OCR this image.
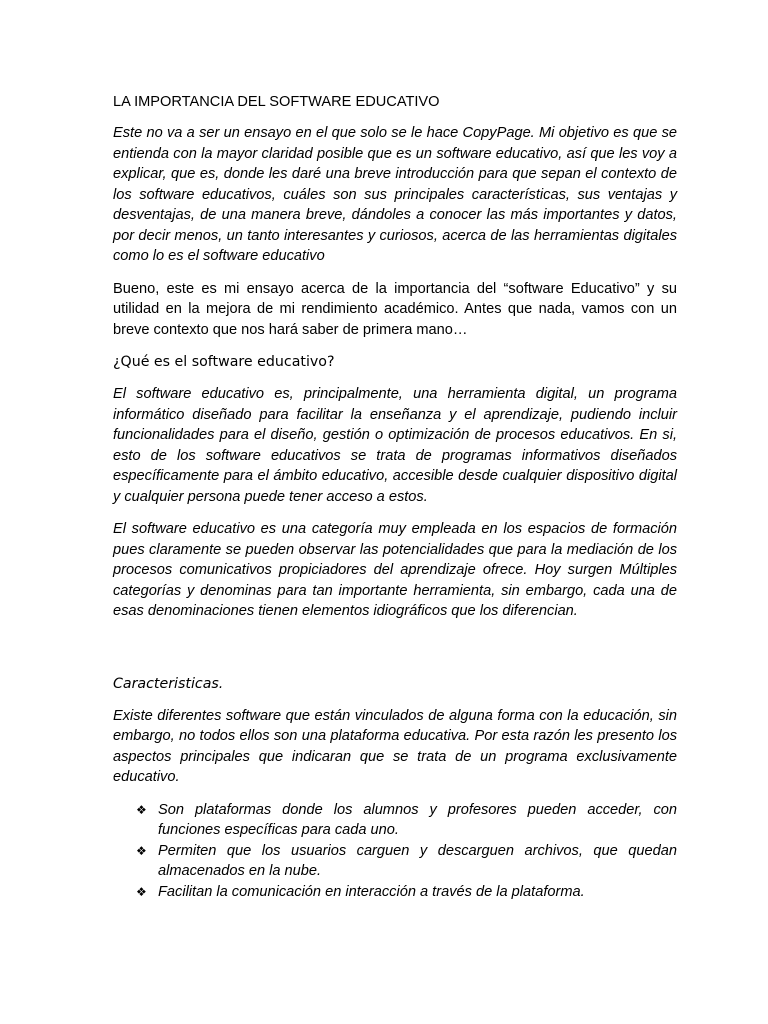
LA IMPORTANCIA DEL SOFTWARE EDUCATIVO

Este no va a ser un ensayo en el que solo se le hace CopyPage. Mi objetivo es que se entienda con la mayor claridad posible que es un software educativo, así que les voy a explicar, que es, donde les daré una breve introducción para que sepan el contexto de los software educativos, cuáles son sus principales características, sus ventajas y desventajas, de una manera breve, dándoles a conocer las más importantes y datos, por decir menos, un tanto interesantes y curiosos, acerca de las herramientas digitales como lo es el software educativo

Bueno, este es mi ensayo acerca de la importancia del “software Educativo” y su utilidad en la mejora de mi rendimiento académico. Antes que nada, vamos con un breve contexto que nos hará saber de primera mano…

¿Qué es el software educativo?

El software educativo es, principalmente, una herramienta digital, un programa informático diseñado para facilitar la enseñanza y el aprendizaje, pudiendo incluir funcionalidades para el diseño, gestión o optimización de procesos educativos. En si, esto de los software educativos se trata de programas informativos diseñados específicamente para el ámbito educativo, accesible desde cualquier dispositivo digital y cualquier persona puede tener acceso a estos.

El software educativo es una categoría muy empleada en los espacios de formación pues claramente se pueden observar las potencialidades que para la mediación de los procesos comunicativos propiciadores del aprendizaje ofrece. Hoy surgen Múltiples categorías y denominas para tan importante herramienta, sin embargo, cada una de esas denominaciones tienen elementos idiográficos que los diferencian.

Caracteristicas.

Existe diferentes software que están vinculados de alguna forma con la educación, sin embargo, no todos ellos son una plataforma educativa. Por esta razón les presento los aspectos principales que indicaran que se trata de un programa exclusivamente educativo.

❖ Son plataformas donde los alumnos y profesores pueden acceder, con funciones específicas para cada uno.
❖ Permiten que los usuarios carguen y descarguen archivos, que quedan almacenados en la nube.
❖ Facilitan la comunicación en interacción a través de la plataforma.
